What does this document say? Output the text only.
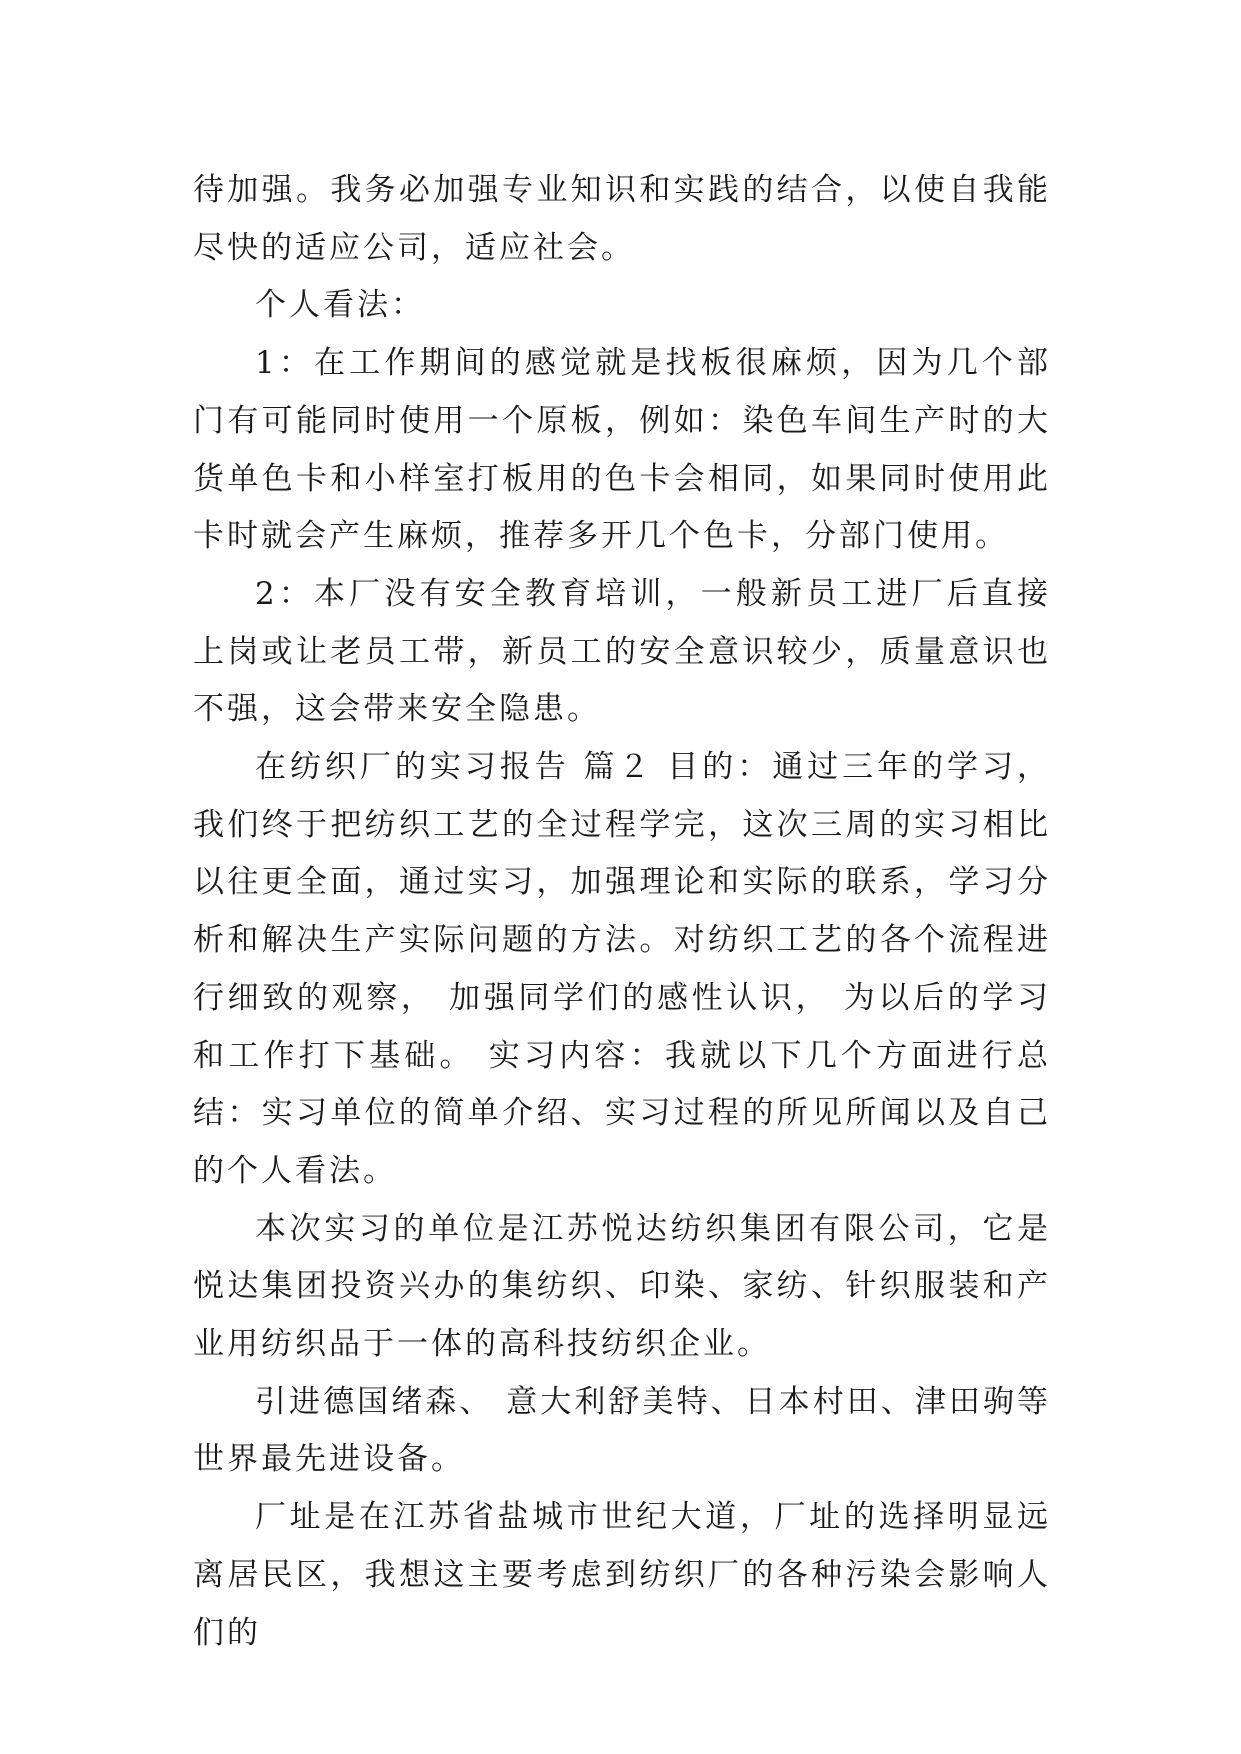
待加强。我务必加强专业知识和实践的结合，以使自我能尽快的适应公司，适应社会。

个人看法：

1：在工作期间的感觉就是找板很麻烦，因为几个部门有可能同时使用一个原板，例如：染色车间生产时的大货单色卡和小样室打板用的色卡会相同，如果同时使用此卡时就会产生麻烦，推荐多开几个色卡，分部门使用。

2：本厂没有安全教育培训，一般新员工进厂后直接上岗或让老员工带，新员工的安全意识较少，质量意识也不强，这会带来安全隐患。

在纺织厂的实习报告 篇２ 目的：通过三年的学习，我们终于把纺织工艺的全过程学完，这次三周的实习相比以往更全面，通过实习，加强理论和实际的联系，学习分析和解决生产实际问题的方法。对纺织工艺的各个流程进行细致的观察， 加强同学们的感性认识， 为以后的学习和工作打下基础。 实习内容：我就以下几个方面进行总结：实习单位的简单介绍、实习过程的所见所闻以及自己的个人看法。

本次实习的单位是江苏悦达纺织集团有限公司，它是悦达集团投资兴办的集纺织、印染、家纺、针织服装和产业用纺织品于一体的高科技纺织企业。

引进德国绪森、 意大利舒美特、日本村田、津田驹等世界最先进设备。

厂址是在江苏省盐城市世纪大道，厂址的选择明显远离居民区，我想这主要考虑到纺织厂的各种污染会影响人们的
